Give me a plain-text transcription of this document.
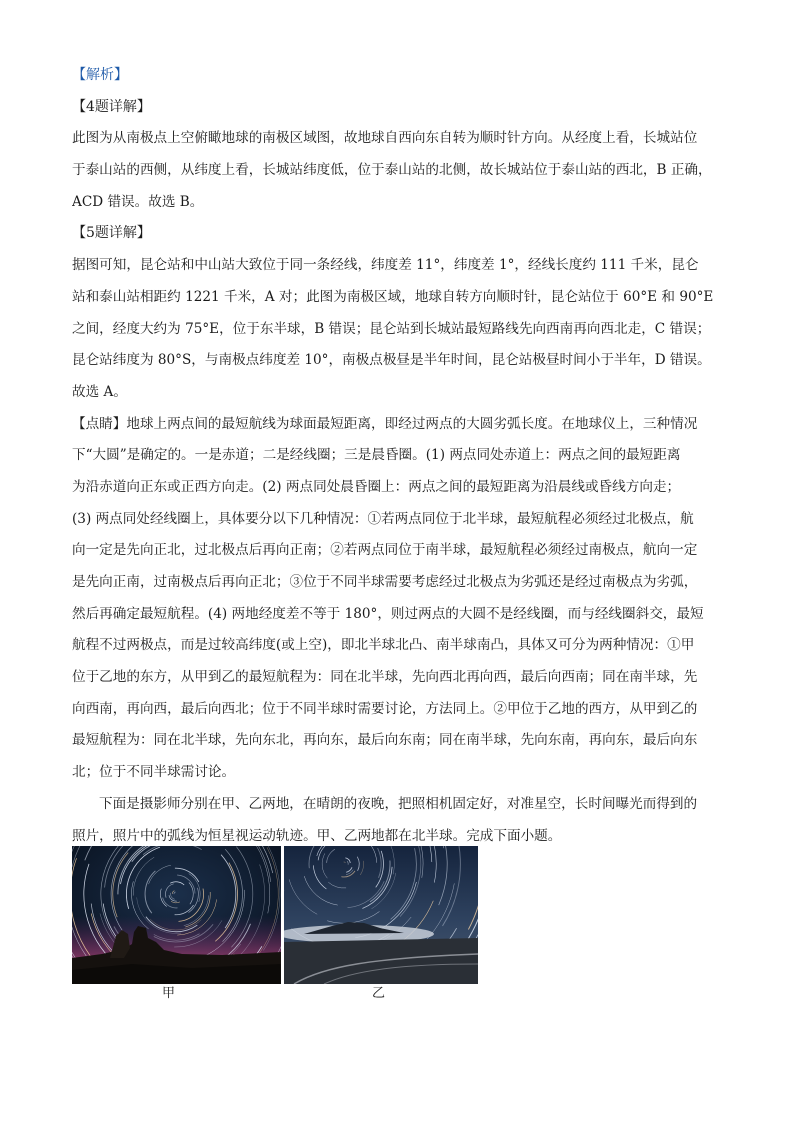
【解析】
【4题详解】
此图为从南极点上空俯瞰地球的南极区域图，故地球自西向东自转为顺时针方向。从经度上看，长城站位
于泰山站的西侧，从纬度上看，长城站纬度低，位于泰山站的北侧，故长城站位于泰山站的西北，B 正确，
ACD 错误。故选 B。
【5题详解】
据图可知，昆仑站和中山站大致位于同一条经线，纬度差 11°，纬度差 1°，经线长度约 111 千米，昆仑
站和泰山站相距约 1221 千米，A 对；此图为南极区域，地球自转方向顺时针，昆仑站位于 60°E 和 90°E
之间，经度大约为 75°E，位于东半球，B 错误；昆仑站到长城站最短路线先向西南再向西北走，C 错误；
昆仑站纬度为 80°S，与南极点纬度差 10°，南极点极昼是半年时间，昆仑站极昼时间小于半年，D 错误。
故选 A。
【点睛】地球上两点间的最短航线为球面最短距离，即经过两点的大圆劣弧长度。在地球仪上，三种情况
下“大圆”是确定的。一是赤道；二是经线圈；三是晨昏圈。(1) 两点同处赤道上：两点之间的最短距离
为沿赤道向正东或正西方向走。(2) 两点同处晨昏圈上：两点之间的最短距离为沿晨线或昏线方向走；
(3) 两点同处经线圈上，具体要分以下几种情况：①若两点同位于北半球，最短航程必须经过北极点，航
向一定是先向正北，过北极点后再向正南；②若两点同位于南半球，最短航程必须经过南极点，航向一定
是先向正南，过南极点后再向正北；③位于不同半球需要考虑经过北极点为劣弧还是经过南极点为劣弧，
然后再确定最短航程。(4) 两地经度差不等于 180°，则过两点的大圆不是经线圈，而与经线圈斜交，最短
航程不过两极点，而是过较高纬度(或上空)，即北半球北凸、南半球南凸，具体又可分为两种情况：①甲
位于乙地的东方，从甲到乙的最短航程为：同在北半球，先向西北再向西，最后向西南；同在南半球，先
向西南，再向西，最后向西北；位于不同半球时需要讨论，方法同上。②甲位于乙地的西方，从甲到乙的
最短航程为：同在北半球，先向东北，再向东，最后向东南；同在南半球，先向东南，再向东，最后向东
北；位于不同半球需讨论。
下面是摄影师分别在甲、乙两地，在晴朗的夜晚，把照相机固定好，对准星空，长时间曝光而得到的
照片，照片中的弧线为恒星视运动轨迹。甲、乙两地都在北半球。完成下面小题。
甲	乙
